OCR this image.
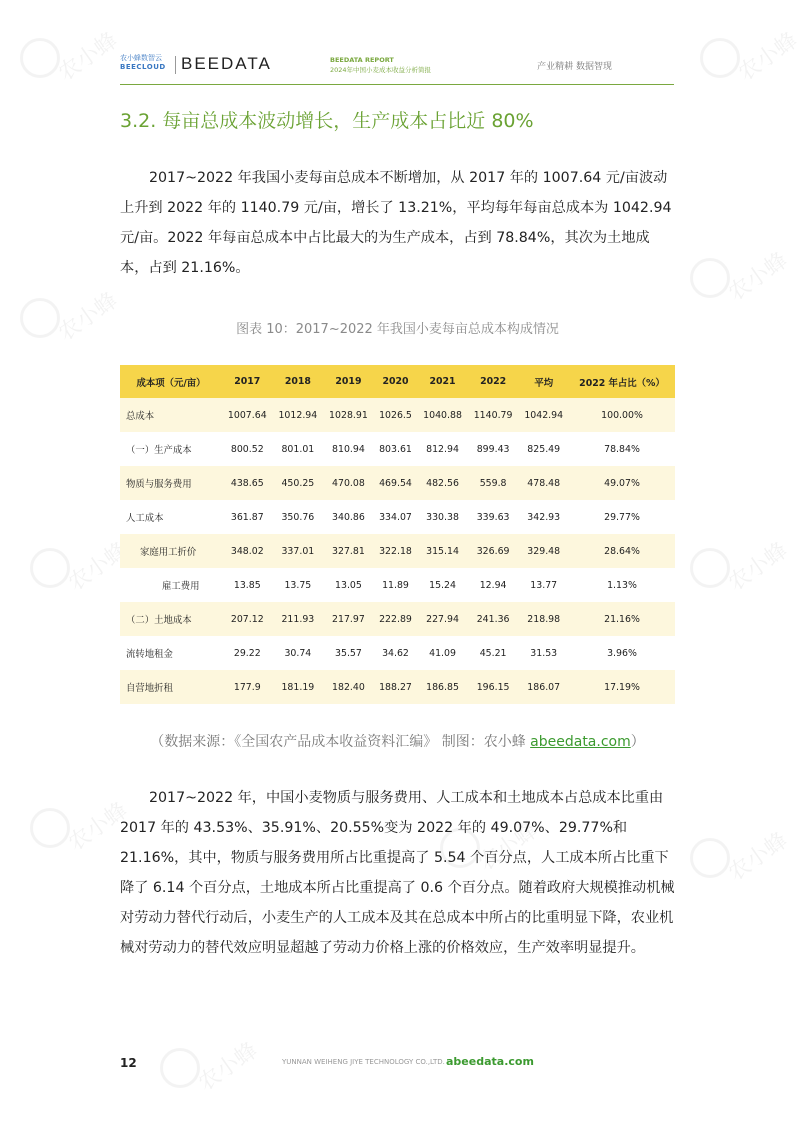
农小蜂	农小蜂
农小蜂
农小蜂
农小蜂	农小蜂
农小蜂
农小蜂
农小蜂
农小蜂
农小蜂数智云
BEECLOUD BEEDATA	BEEDATA REPORT
2024年中国小麦成本收益分析简报	产业精耕 数据智现
3.2. 每亩总成本波动增长，生产成本占比近 80%

2017~2022 年我国小麦每亩总成本不断增加，从 2017 年的 1007.64 元/亩波动上升到 2022 年的 1140.79 元/亩，增长了 13.21%，平均每年每亩总成本为 1042.94 元/亩。2022 年每亩总成本中占比最大的为生产成本，占到 78.84%，其次为土地成本，占到 21.16%。

图表 10：2017~2022 年我国小麦每亩总成本构成情况
成本项（元/亩）	2017	2018	2019	2020	2021	2022	平均	2022 年占比（%）
总成本	1007.64	1012.94	1028.91	1026.5	1040.88	1140.79	1042.94	100.00%
（一）生产成本	800.52	801.01	810.94	803.61	812.94	899.43	825.49	78.84%
物质与服务费用	438.65	450.25	470.08	469.54	482.56	559.8	478.48	49.07%
人工成本	361.87	350.76	340.86	334.07	330.38	339.63	342.93	29.77%
家庭用工折价	348.02	337.01	327.81	322.18	315.14	326.69	329.48	28.64%
雇工费用	13.85	13.75	13.05	11.89	15.24	12.94	13.77	1.13%
（二）土地成本	207.12	211.93	217.97	222.89	227.94	241.36	218.98	21.16%
流转地租金	29.22	30.74	35.57	34.62	41.09	45.21	31.53	3.96%
自营地折租	177.9	181.19	182.40	188.27	186.85	196.15	186.07	17.19%
（数据来源：《全国农产品成本收益资料汇编》 制图：农小蜂 abeedata.com）

2017~2022 年，中国小麦物质与服务费用、人工成本和土地成本占总成本比重由 2017 年的 43.53%、35.91%、20.55%变为 2022 年的 49.07%、29.77%和 21.16%，其中，物质与服务费用所占比重提高了 5.54 个百分点，人工成本所占比重下降了 6.14 个百分点，土地成本所占比重提高了 0.6 个百分点。随着政府大规模推动机械对劳动力替代行动后，小麦生产的人工成本及其在总成本中所占的比重明显下降，农业机械对劳动力的替代效应明显超越了劳动力价格上涨的价格效应，生产效率明显提升。

12	YUNNAN WEIHENG JIYE TECHNOLOGY CO.,LTD. abeedata.com
